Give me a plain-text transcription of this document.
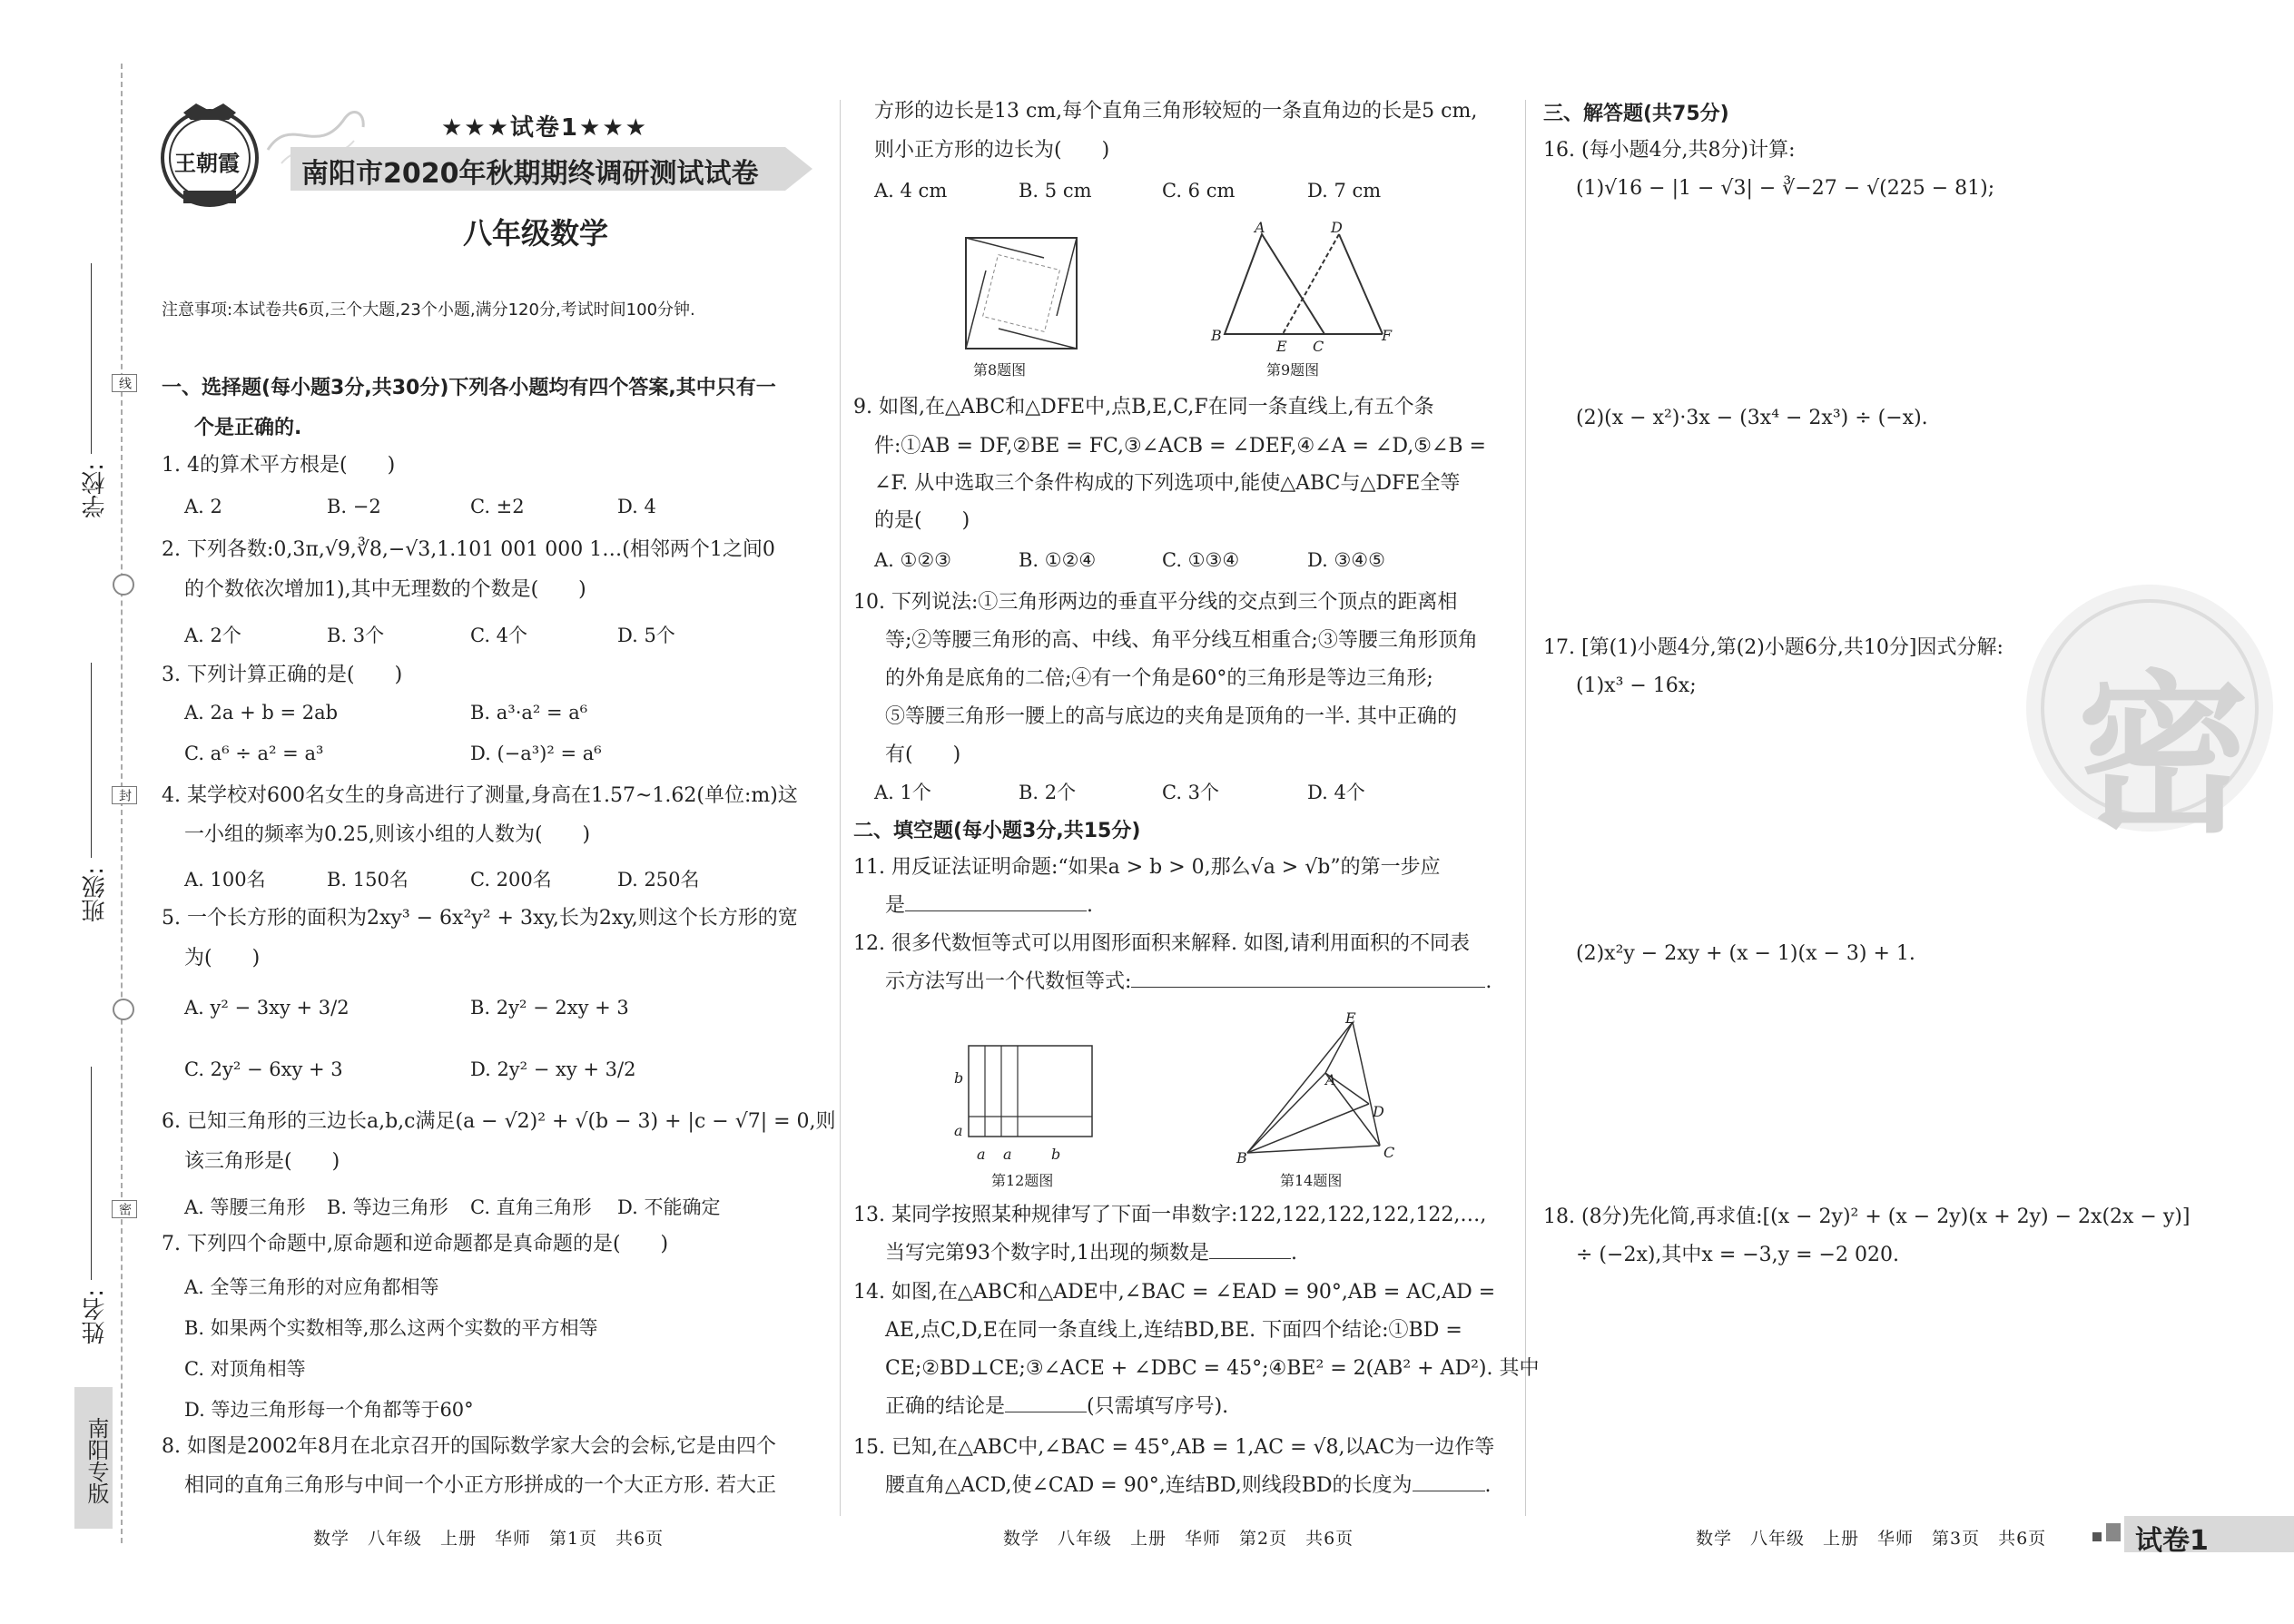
学校:
班级:
姓名:
线
封
密
南阳专版
王朝霞
★★★试卷1★★★
南阳市2020年秋期期终调研测试试卷
八年级数学
注意事项:本试卷共6页,三个大题,23个小题,满分120分,考试时间100分钟.
一、选择题(每小题3分,共30分)下列各小题均有四个答案,其中只有一
个是正确的.
1. 4的算术平方根是(　　)
A. 2	B. −2	C. ±2	D. 4
2. 下列各数:0,3π,√9,∛8,−√3,1.101 001 000 1…(相邻两个1之间0
的个数依次增加1),其中无理数的个数是(　　)
A. 2个	B. 3个	C. 4个	D. 5个
3. 下列计算正确的是(　　)
A. 2a + b = 2ab	B. a³·a² = a⁶
C. a⁶ ÷ a² = a³	D. (−a³)² = a⁶
4. 某学校对600名女生的身高进行了测量,身高在1.57~1.62(单位:m)这
一小组的频率为0.25,则该小组的人数为(　　)
A. 100名	B. 150名	C. 200名	D. 250名
5. 一个长方形的面积为2xy³ − 6x²y² + 3xy,长为2xy,则这个长方形的宽
为(　　)
A. y² − 3xy + 3/2	B. 2y² − 2xy + 3
C. 2y² − 6xy + 3	D. 2y² − xy + 3/2
6. 已知三角形的三边长a,b,c满足(a − √2)² + √(b − 3) + |c − √7| = 0,则
该三角形是(　　)
A. 等腰三角形 B. 等边三角形 C. 直角三角形 D. 不能确定
7. 下列四个命题中,原命题和逆命题都是真命题的是(　　)
A. 全等三角形的对应角都相等
B. 如果两个实数相等,那么这两个实数的平方相等
C. 对顶角相等
D. 等边三角形每一个角都等于60°
8. 如图是2002年8月在北京召开的国际数学家大会的会标,它是由四个
相同的直角三角形与中间一个小正方形拼成的一个大正方形. 若大正
数学　八年级　上册　华师　第1页　共6页
方形的边长是13 cm,每个直角三角形较短的一条直角边的长是5 cm,
则小正方形的边长为(　　)
A. 4 cm	B. 5 cm	C. 6 cm	D. 7 cm
第8题图
A	D
B
E C
F
第9题图
9. 如图,在△ABC和△DFE中,点B,E,C,F在同一条直线上,有五个条
件:①AB = DF,②BE = FC,③∠ACB = ∠DEF,④∠A = ∠D,⑤∠B =
∠F. 从中选取三个条件构成的下列选项中,能使△ABC与△DFE全等
的是(　　)
A. ①②③	B. ①②④	C. ①③④	D. ③④⑤
10. 下列说法:①三角形两边的垂直平分线的交点到三个顶点的距离相
等;②等腰三角形的高、中线、角平分线互相重合;③等腰三角形顶角
的外角是底角的二倍;④有一个角是60°的三角形是等边三角形;
⑤等腰三角形一腰上的高与底边的夹角是顶角的一半. 其中正确的
有(　　)
A. 1个	B. 2个	C. 3个	D. 4个
二、填空题(每小题3分,共15分)
11. 用反证法证明命题:“如果a > b > 0,那么√a > √b”的第一步应
是	.
12. 很多代数恒等式可以用图形面积来解释. 如图,请利用面积的不同表
示方法写出一个代数恒等式:	.
b
a
a a	b
第12题图
E
A
D
B	C
第14题图
13. 某同学按照某种规律写了下面一串数字:122,122,122,122,122,…,
当写完第93个数字时,1出现的频数是	.
14. 如图,在△ABC和△ADE中,∠BAC = ∠EAD = 90°,AB = AC,AD =
AE,点C,D,E在同一条直线上,连结BD,BE. 下面四个结论:①BD =
CE;②BD⊥CE;③∠ACE + ∠DBC = 45°;④BE² = 2(AB² + AD²). 其中
正确的结论是	(只需填写序号).
15. 已知,在△ABC中,∠BAC = 45°,AB = 1,AC = √8,以AC为一边作等
腰直角△ACD,使∠CAD = 90°,连结BD,则线段BD的长度为	.
数学　八年级　上册　华师　第2页　共6页
密
三、解答题(共75分)
16. (每小题4分,共8分)计算:
(1)√16 − |1 − √3| − ∛−27 − √(225 − 81);
(2)(x − x²)·3x − (3x⁴ − 2x³) ÷ (−x).
17. [第(1)小题4分,第(2)小题6分,共10分]因式分解:
(1)x³ − 16x;
(2)x²y − 2xy + (x − 1)(x − 3) + 1.
18. (8分)先化简,再求值:[(x − 2y)² + (x − 2y)(x + 2y) − 2x(2x − y)]
÷ (−2x),其中x = −3,y = −2 020.
数学　八年级　上册　华师　第3页　共6页	试卷1
